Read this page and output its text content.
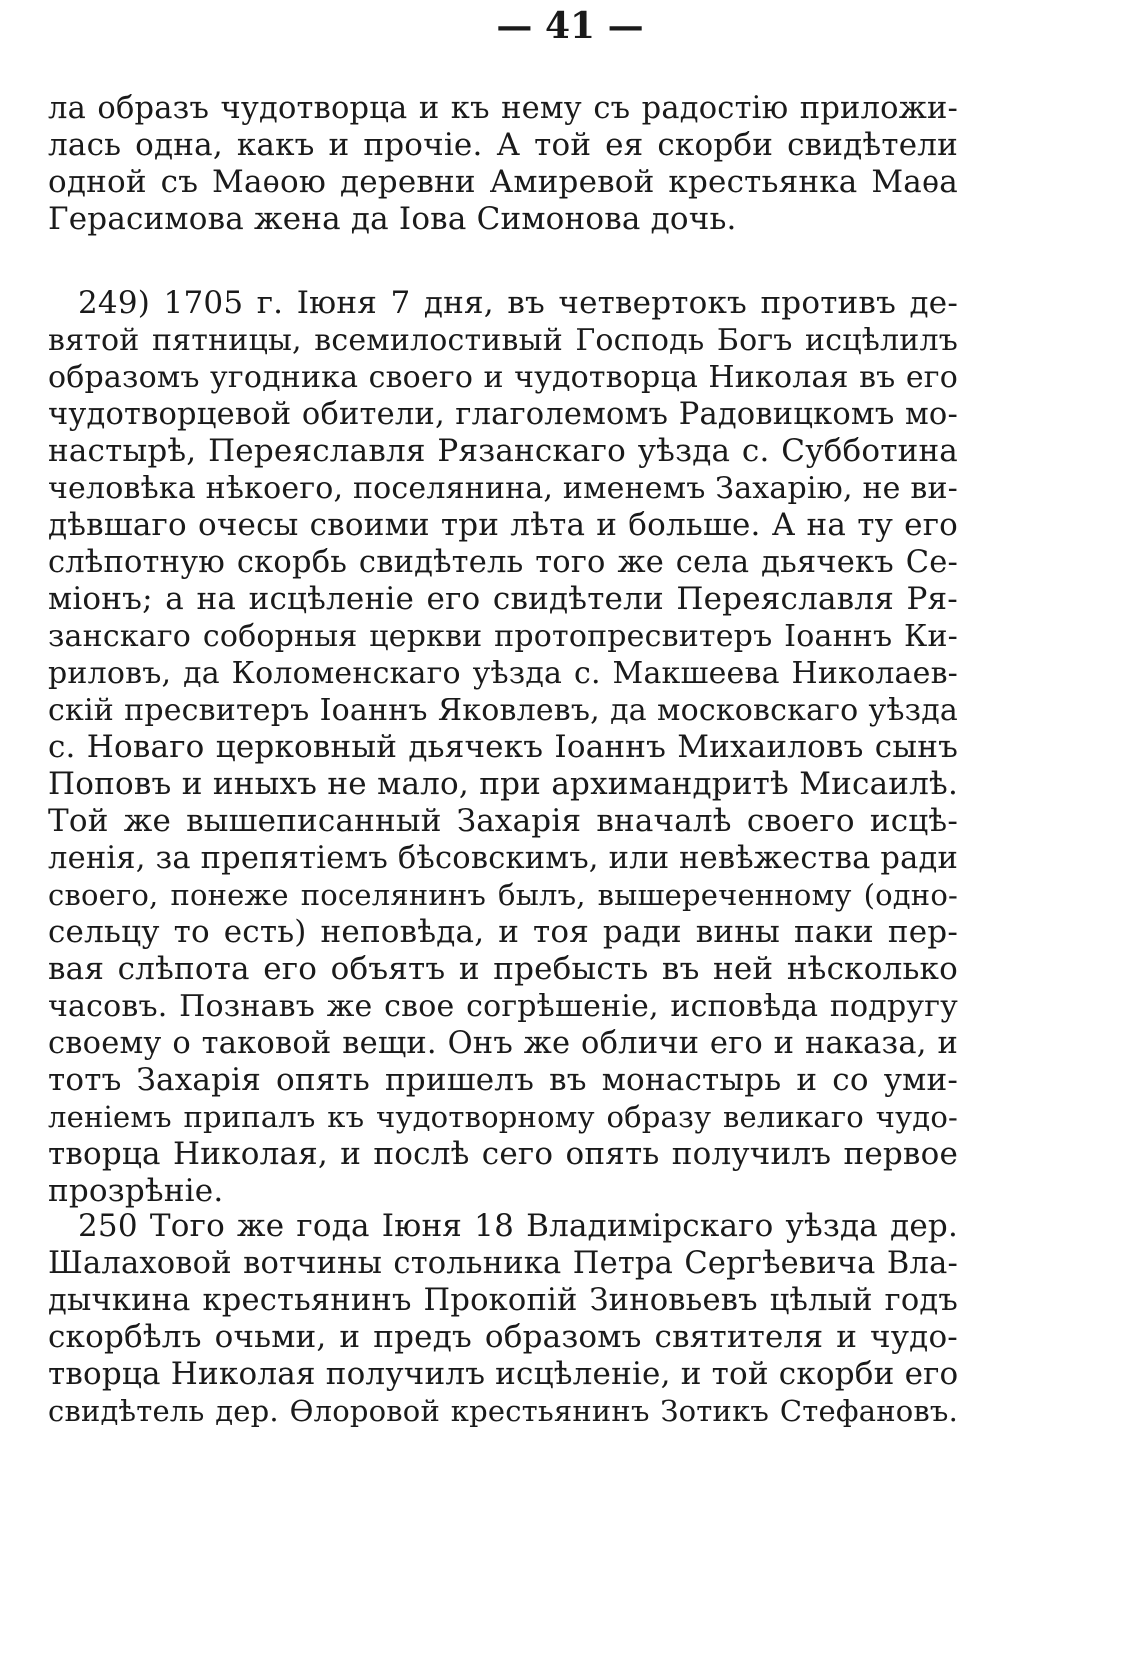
— 41 —
ла образъ чудотворца и къ нему съ радостію приложи-
лась одна, какъ и прочіе. А той ея скорби свидѣтели
одной съ Маѳою деревни Амиревой крестьянка Маѳа
Герасимова жена да Іова Симонова дочь.
249) 1705 г. Іюня 7 дня, въ четвертокъ противъ де-
вятой пятницы, всемилостивый Господь Богъ исцѣлилъ
образомъ угодника своего и чудотворца Николая въ его
чудотворцевой обители, глаголемомъ Радовицкомъ мо-
настырѣ, Переяславля Рязанскаго уѣзда с. Субботина
человѣка нѣкоего, поселянина, именемъ Захарію, не ви-
дѣвшаго очесы своими три лѣта и больше. А на ту его
слѣпотную скорбь свидѣтель того же села дьячекъ Се-
міонъ; а на исцѣленіе его свидѣтели Переяславля Ря-
занскаго соборныя церкви протопресвитеръ Іоаннъ Ки-
риловъ, да Коломенскаго уѣзда с. Макшеева Николаев-
скій пресвитеръ Іоаннъ Яковлевъ, да московскаго уѣзда
с. Новаго церковный дьячекъ Іоаннъ Михаиловъ сынъ
Поповъ и иныхъ не мало, при архимандритѣ Мисаилѣ.
Той же вышеписанный Захарія вначалѣ своего исцѣ-
ленія, за препятіемъ бѣсовскимъ, или невѣжества ради
своего, понеже поселянинъ былъ, вышереченному (одно-
сельцу то есть) неповѣда, и тоя ради вины паки пер-
вая слѣпота его объятъ и пребысть въ ней нѣсколько
часовъ. Познавъ же свое согрѣшеніе, исповѣда подругу
своему о таковой вещи. Онъ же обличи его и наказа, и
тотъ Захарія опять пришелъ въ монастырь и со уми-
леніемъ припалъ къ чудотворному образу великаго чудо-
творца Николая, и послѣ сего опять получилъ первое
прозрѣніе.
250 Того же года Іюня 18 Владимірскаго уѣзда дер.
Шалаховой вотчины стольника Петра Сергѣевича Вла-
дычкина крестьянинъ Прокопій Зиновьевъ цѣлый годъ
скорбѣлъ очьми, и предъ образомъ святителя и чудо-
творца Николая получилъ исцѣленіе, и той скорби его
свидѣтель дер. Ѳлоровой крестьянинъ Зотикъ Стефановъ.
